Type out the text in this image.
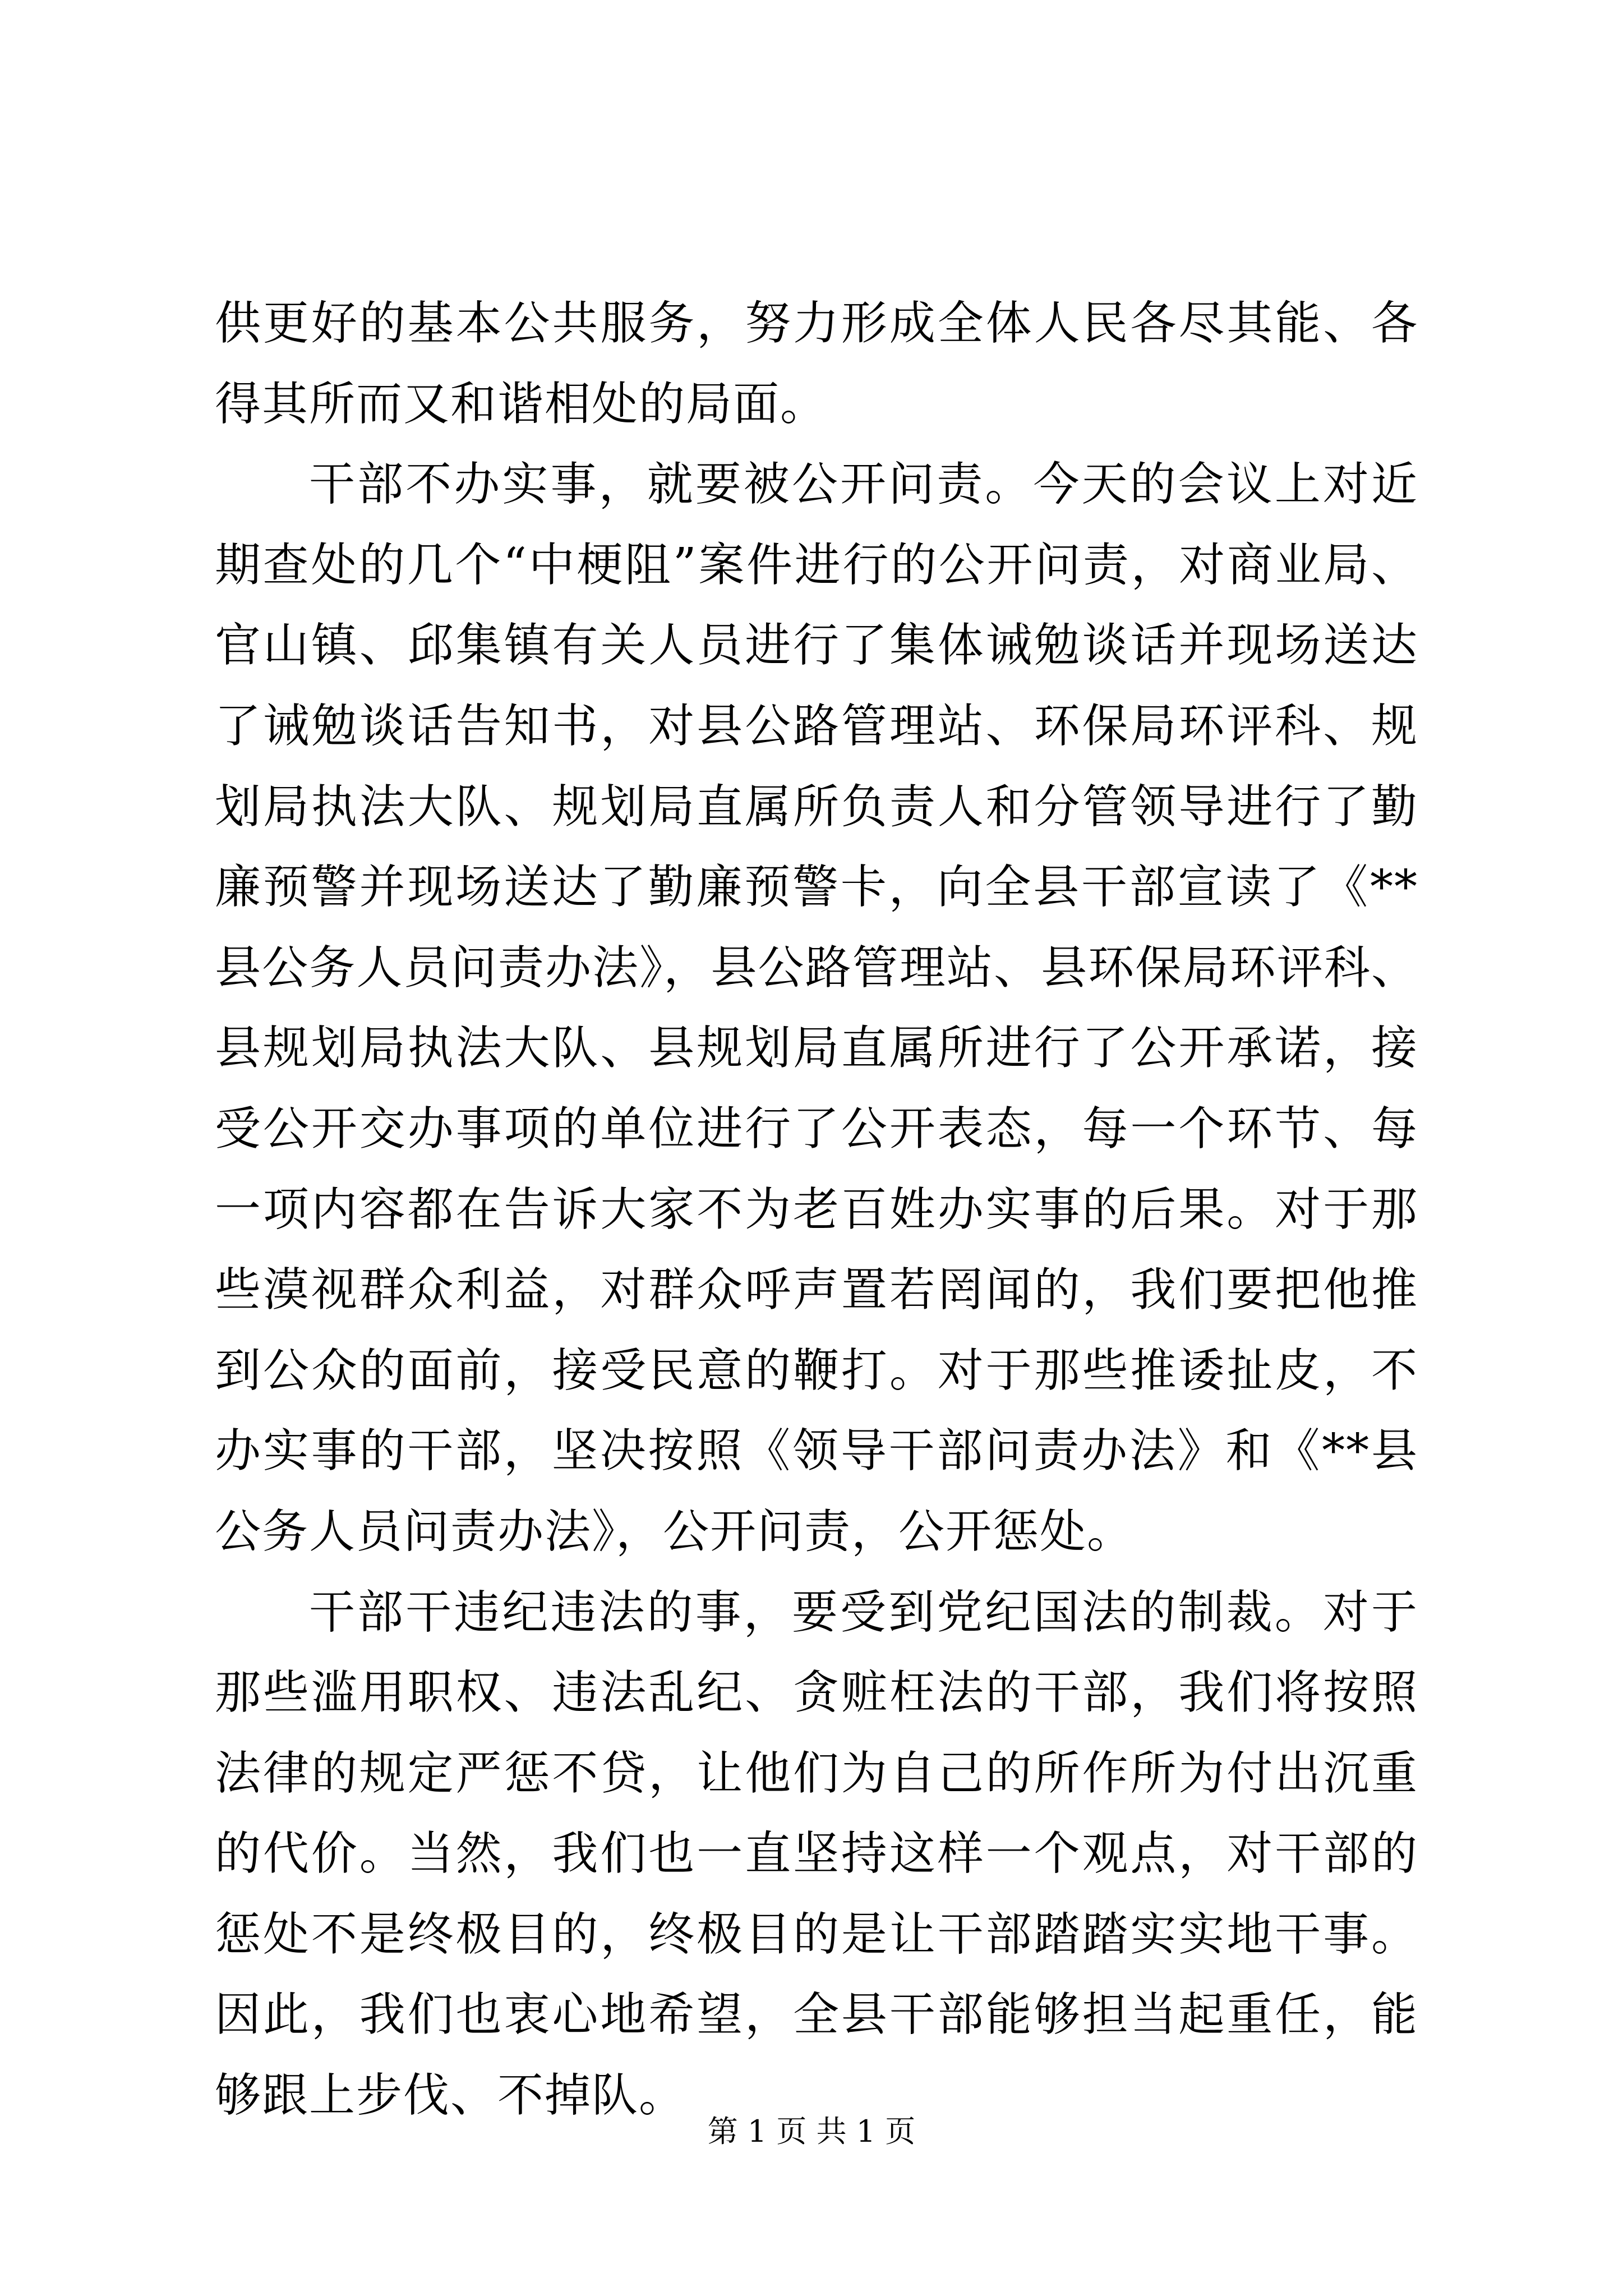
供更好的基本公共服务，努力形成全体人民各尽其能、各得其所而又和谐相处的局面。

干部不办实事，就要被公开问责。今天的会议上对近期查处的几个“中梗阻”案件进行的公开问责，对商业局、官山镇、邱集镇有关人员进行了集体诫勉谈话并现场送达了诫勉谈话告知书，对县公路管理站、环保局环评科、规划局执法大队、规划局直属所负责人和分管领导进行了勤廉预警并现场送达了勤廉预警卡，向全县干部宣读了《**县公务人员问责办法》，县公路管理站、县环保局环评科、县规划局执法大队、县规划局直属所进行了公开承诺，接受公开交办事项的单位进行了公开表态，每一个环节、每一项内容都在告诉大家不为老百姓办实事的后果。对于那些漠视群众利益，对群众呼声置若罔闻的，我们要把他推到公众的面前，接受民意的鞭打。对于那些推诿扯皮，不办实事的干部，坚决按照《领导干部问责办法》和《**县公务人员问责办法》，公开问责，公开惩处。

干部干违纪违法的事，要受到党纪国法的制裁。对于那些滥用职权、违法乱纪、贪赃枉法的干部，我们将按照法律的规定严惩不贷，让他们为自己的所作所为付出沉重的代价。当然，我们也一直坚持这样一个观点，对干部的惩处不是终极目的，终极目的是让干部踏踏实实地干事。因此，我们也衷心地希望，全县干部能够担当起重任，能够跟上步伐、不掉队。

第 1 页 共 1 页
